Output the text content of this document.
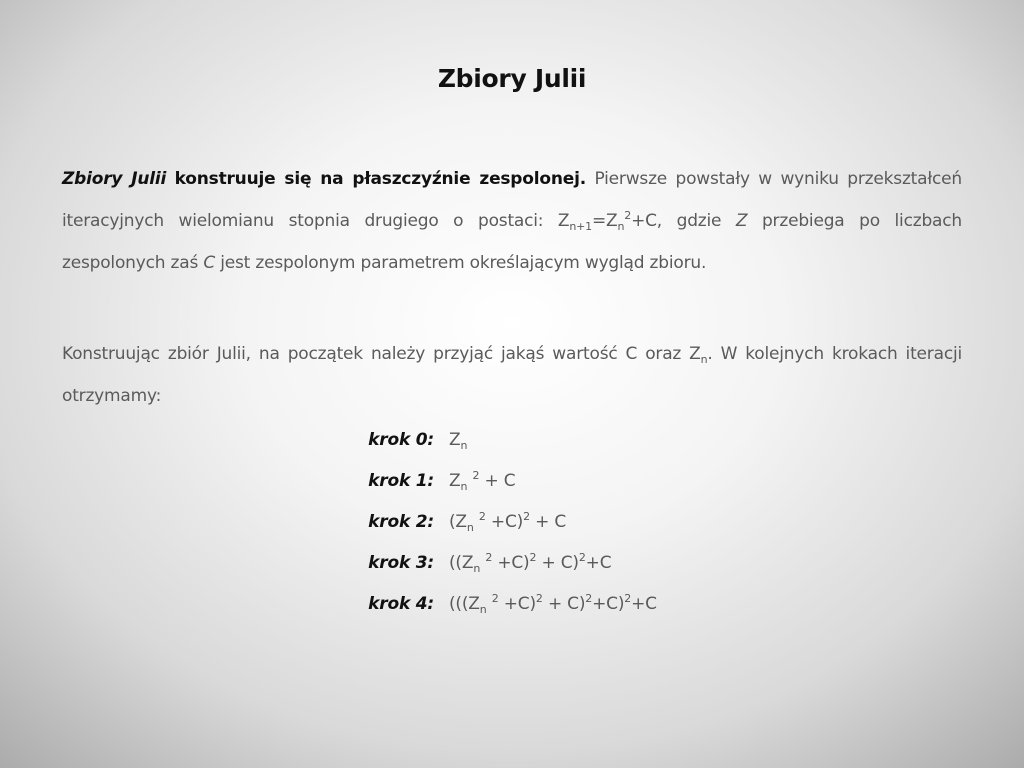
Zbiory Julii
Zbiory Julii konstruuje się na płaszczyźnie zespolonej. Pierwsze powstały w wyniku przekształceń iteracyjnych wielomianu stopnia drugiego o postaci: $Z_{n+1}=Z_n^2+C$, gdzie Z przebiega po liczbach zespolonych zaś C jest zespolonym parametrem określającym wygląd zbioru.
Konstruując zbiór Julii, na początek należy przyjąć jakąś wartość C oraz $Z_n$. W kolejnych krokach iteracji otrzymamy:
krok 0: $Z_n$
krok 1: $Z_n$ $^2$ + C
krok 2: ($Z_n$ $^2$ +C)$^2$ + C
krok 3: (($Z_n$ $^2$ +C)$^2$ + C)$^2$+C
krok 4: ((($Z_n$ $^2$ +C)$^2$ + C)$^2$+C)$^2$+C
